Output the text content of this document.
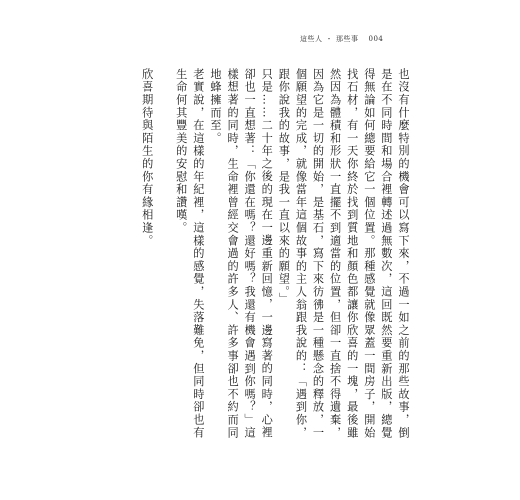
這些人 ・ 那些事 004

也沒有什麼特別的機會可以寫下來，不過一如之前的那些故事，倒是在不同時間和場合裡轉述過無數次，這回既然要重新出版，總覺得無論如何總要給它一個位置。那種感覺就像眾蓋一間房子，開始找石材，有一天你終於找到質地和顏色都讓你欣喜的一塊，最後雖然因為體積和形狀一直擺不到適當的位置，但卻一直捨不得遺棄，因為它是一切的開始，是基石，寫下來彷彿是一種懸念的釋放，一個願望的完成，就像當年這個故事的主人翁跟我說的：「遇到你，跟你說我的故事，是我一直以來的願望。」

只是……二十年之後的現在一邊重新回憶，一邊寫著的同時，心裡卻也一直想著：「你還在嗎？還好嗎？我還有機會遇到你嗎？」這樣想著的同時，生命裡曾經交會過的許多人、許多事卻也不約而同地蜂擁而至。

老實說，在這樣的年紀裡，這樣的感覺，失落難免，但同時卻也有生命何其豐美的安慰和讚嘆。

欣喜期待與陌生的你有緣相逢。
